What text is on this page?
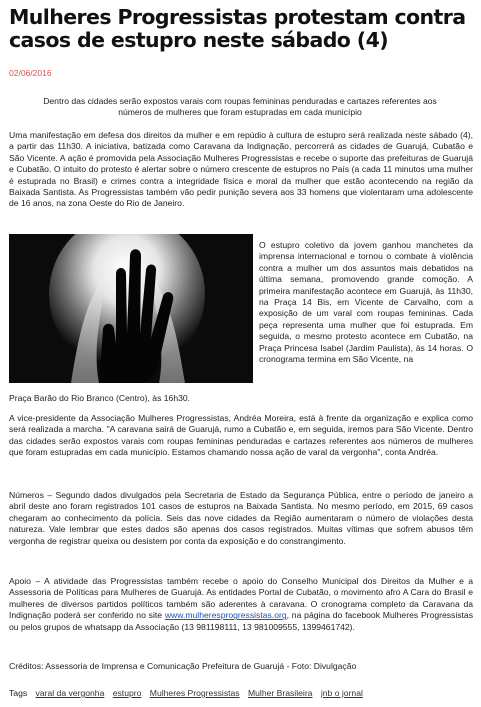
Mulheres Progressistas protestam contra casos de estupro neste sábado (4)
02/06/2016

Dentro das cidades serão expostos varais com roupas femininas penduradas e cartazes referentes aos números de mulheres que foram estupradas em cada município

Uma manifestação em defesa dos direitos da mulher e em repúdio à cultura de estupro será realizada neste sábado (4), a partir das 11h30. A iniciativa, batizada como Caravana da Indignação, percorrerá as cidades de Guarujá, Cubatão e São Vicente. A ação é promovida pela Associação Mulheres Progressistas e recebe o suporte das prefeituras de Guarujá e Cubatão. O intuito do protesto é alertar sobre o número crescente de estupros no País (a cada 11 minutos uma mulher é estuprada no Brasil) e crimes contra a integridade física e moral da mulher que estão acontecendo na região da Baixada Santista. As Progressistas também vão pedir punição severa aos 33 homens que violentaram uma adolescente de 16 anos, na zona Oeste do Rio de Janeiro.

O estupro coletivo da jovem ganhou manchetes da imprensa internacional e tornou o combate à violência contra a mulher um dos assuntos mais debatidos na última semana, promovendo grande comoção. A primeira manifestação acontece em Guarujá, às 11h30, na Praça 14 Bis, em Vicente de Carvalho, com a exposição de um varal com roupas femininas. Cada peça representa uma mulher que foi estuprada. Em seguida, o mesmo protesto acontece em Cubatão, na Praça Princesa Isabel (Jardim Paulista), às 14 horas. O cronograma termina em São Vicente, na

Praça Barão do Rio Branco (Centro), às 16h30.

A vice-presidente da Associação Mulheres Progressistas, Andréa Moreira, está à frente da organização e explica como será realizada a marcha. "A caravana sairá de Guarujá, rumo a Cubatão e, em seguida, iremos para São Vicente. Dentro das cidades serão expostos varais com roupas femininas penduradas e cartazes referentes aos números de mulheres que foram estupradas em cada município. Estamos chamando nossa ação de varal da vergonha", conta Andréa.

Números – Segundo dados divulgados pela Secretaria de Estado da Segurança Pública, entre o período de janeiro a abril deste ano foram registrados 101 casos de estupros na Baixada Santista. No mesmo período, em 2015, 69 casos chegaram ao conhecimento da polícia. Seis das nove cidades da Região aumentaram o número de violações desta natureza. Vale lembrar que estes dados são apenas dos casos registrados. Muitas vítimas que sofrem abusos têm vergonha de registrar queixa ou desistem por conta da exposição e do constrangimento.

Apoio – A atividade das Progressistas também recebe o apoio do Conselho Municipal dos Direitos da Mulher e a Assessoria de Políticas para Mulheres de Guarujá. As entidades Portal de Cubatão, o movimento afro A Cara do Brasil e mulheres de diversos partidos políticos também são aderentes à caravana. O cronograma completo da Caravana da Indignação poderá ser conferido no site www.mulheresprogressistas.org, na página do facebook Mulheres Progressistas ou pelos grupos de whatsapp da Associação (13 981198111, 13 981009555, 1399461742).

Créditos: Assessoria de Imprensa e Comunicação Prefeitura de Guarujá - Foto: Divulgação

Tags varal da vergonha estupro Mulheres Progressistas Mulher Brasileira jnb o jornal
